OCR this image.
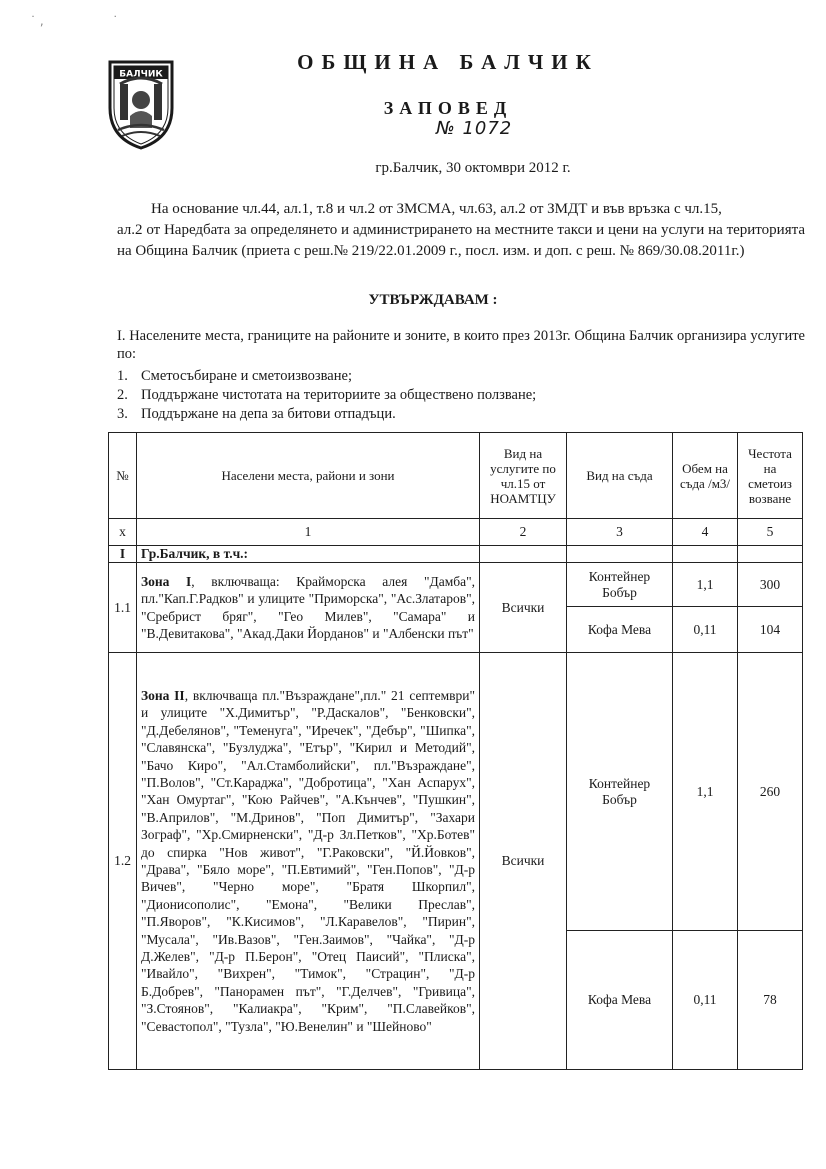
˙ ,                  ˙
БАЛЧИК
ОБЩИНА БАЛЧИК
ЗАПОВЕД
№ 1072
гр.Балчик, 30 октомври 2012 г.
На основание чл.44, ал.1, т.8 и чл.2 от ЗМСМА, чл.63, ал.2 от ЗМДТ и във връзка с чл.15,
ал.2 от Наредбата за определянето и администрирането на местните такси и цени на услуги на територията на Община Балчик (приета с реш.№ 219/22.01.2009 г., посл. изм. и доп. с реш. № 869/30.08.2011г.)
УТВЪРЖДАВАМ :
I. Населените места, границите на районите и зоните, в които през 2013г. Община Балчик организира услугите по:
1. Сметосъбиране и сметоизвозване;
2. Поддържане чистотата на териториите за обществено ползване;
3. Поддържане на депа за битови отпадъци.
№	Населени места, райони и зони	Вид на услугите по чл.15 от НОАМТЦУ	Вид на съда	Обем на съда /м3/	Честота на сметоиз возване
х	1	2	3	4	5
I	Гр.Балчик, в т.ч.:				
1.1	Зона I, включваща: Крайморска алея "Дамба", пл."Кап.Г.Радков" и улиците "Приморска", "Ас.Златаров", "Сребрист бряг", "Гео Милев", "Самара" и "В.Девитакова", "Акад.Даки Йорданов" и "Албенски път"	Всички	Контейнер Бобър	1,1	300
			Кофа Мева	0,11	104
1.2	Зона II, включваща пл."Възраждане",пл." 21 септември" и улиците "Х.Димитър", "Р.Даскалов", "Бенковски", "Д.Дебелянов", "Теменуга", "Иречек", "Дебър", "Шипка", "Славянска", "Бузлуджа", "Етър", "Кирил и Методий", "Бачо Киро", "Ал.Стамболийски", пл."Възраждане", "П.Волов", "Ст.Караджа", "Добротица", "Хан Аспарух", "Хан Омуртаг", "Кою Райчев", "А.Кънчев", "Пушкин", "В.Априлов", "М.Дринов", "Поп Димитър", "Захари Зограф", "Хр.Смирненски", "Д-р Зл.Петков", "Хр.Ботев" до спирка "Нов живот", "Г.Раковски", "Й.Йовков", "Драва", "Бяло море", "П.Евтимий", "Ген.Попов", "Д-р Вичев", "Черно море", "Братя Шкорпил", "Дионисополис", "Емона", "Велики Преслав", "П.Яворов", "К.Кисимов", "Л.Каравелов", "Пирин", "Мусала", "Ив.Вазов", "Ген.Заимов", "Чайка", "Д-р Д.Желев", "Д-р П.Берон", "Отец Паисий", "Плиска", "Ивайло", "Вихрен", "Тимок", "Страцин", "Д-р Б.Добрев", "Панорамен път", "Г.Делчев", "Гривица", "З.Стоянов", "Калиакра", "Крим", "П.Славейков", "Севастопол", "Тузла", "Ю.Венелин" и "Шейново"	Всички	Контейнер Бобър	1,1	260
			Кофа Мева	0,11	78
